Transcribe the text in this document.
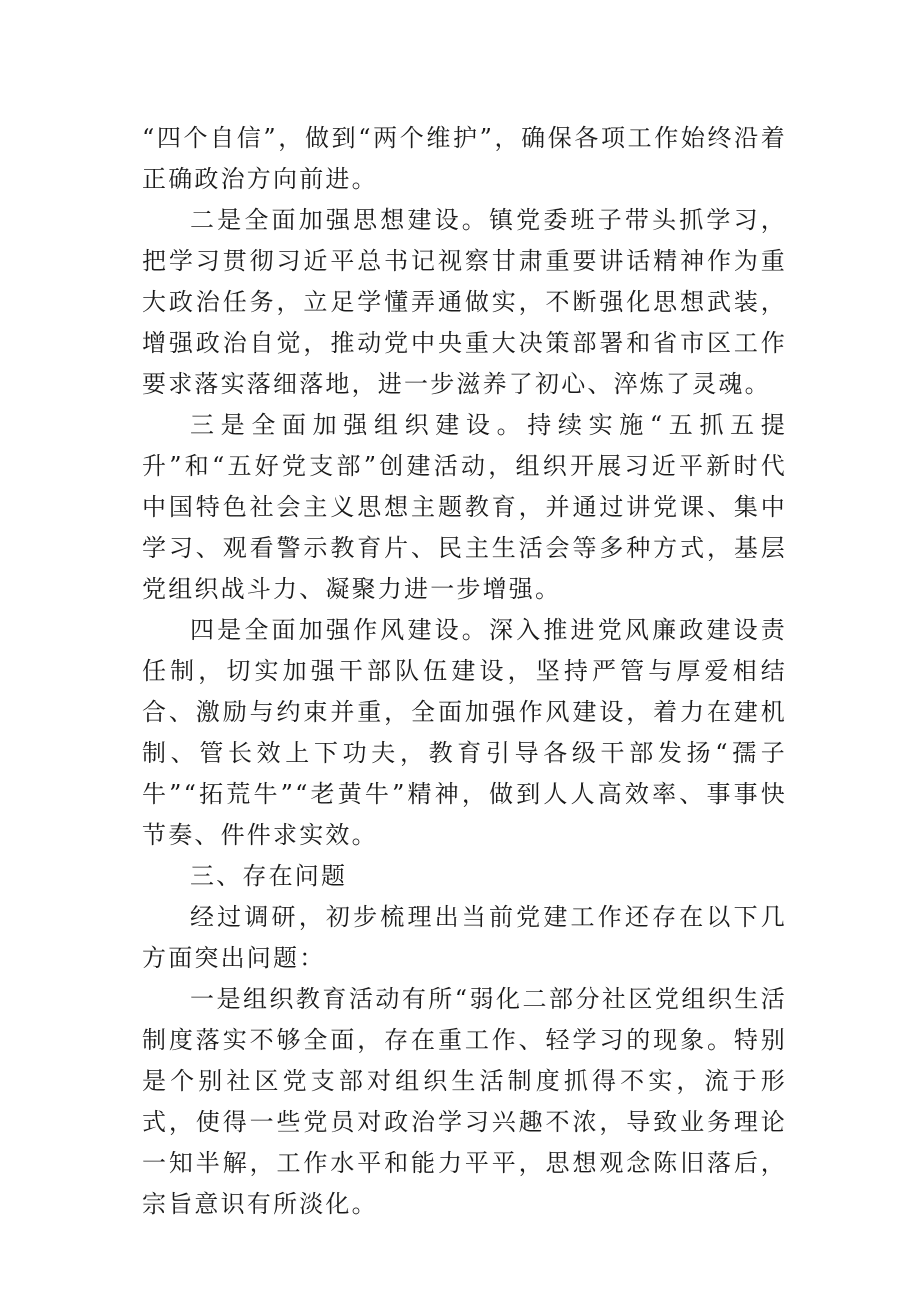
“四个自信”，做到“两个维护”，确保各项工作始终沿着正确政治方向前进。

二是全面加强思想建设。镇党委班子带头抓学习，把学习贯彻习近平总书记视察甘肃重要讲话精神作为重大政治任务，立足学懂弄通做实，不断强化思想武装，增强政治自觉，推动党中央重大决策部署和省市区工作要求落实落细落地，进一步滋养了初心、淬炼了灵魂。

三是全面加强组织建设。持续实施“五抓五提升”和“五好党支部”创建活动，组织开展习近平新时代中国特色社会主义思想主题教育，并通过讲党课、集中学习、观看警示教育片、民主生活会等多种方式，基层党组织战斗力、凝聚力进一步增强。

四是全面加强作风建设。深入推进党风廉政建设责任制，切实加强干部队伍建设，坚持严管与厚爱相结合、激励与约束并重，全面加强作风建设，着力在建机制、管长效上下功夫，教育引导各级干部发扬“孺子牛”“拓荒牛”“老黄牛”精神，做到人人高效率、事事快节奏、件件求实效。

三、存在问题

经过调研，初步梳理出当前党建工作还存在以下几方面突出问题：

一是组织教育活动有所“弱化二部分社区党组织生活制度落实不够全面，存在重工作、轻学习的现象。特别是个别社区党支部对组织生活制度抓得不实，流于形式，使得一些党员对政治学习兴趣不浓，导致业务理论一知半解，工作水平和能力平平，思想观念陈旧落后，宗旨意识有所淡化。
